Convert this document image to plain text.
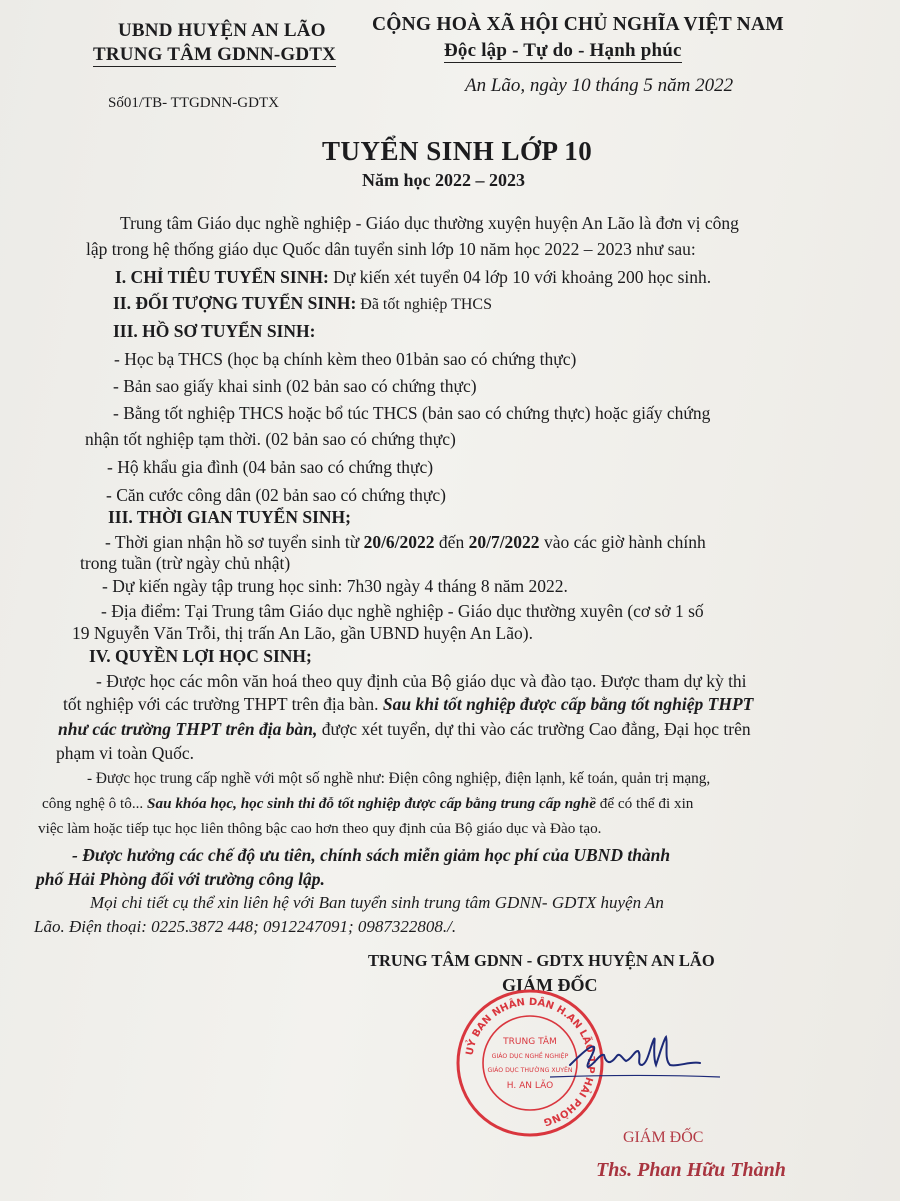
UBND HUYỆN AN LÃO
TRUNG TÂM GDNN-GDTX
Số01/TB- TTGDNN-GDTX
CỘNG HOÀ XÃ HỘI CHỦ NGHĨA VIỆT NAM
Độc lập - Tự do - Hạnh phúc
An Lão, ngày 10 tháng 5 năm 2022
TUYỂN SINH LỚP 10
Năm học 2022 – 2023
Trung tâm Giáo dục nghề nghiệp - Giáo dục thường xuyện huyện An Lão là đơn vị công
lập trong hệ thống giáo dục Quốc dân tuyển sinh lớp 10 năm học 2022 – 2023 như sau:
I. CHỈ TIÊU TUYỂN SINH: Dự kiến xét tuyển 04 lớp 10 với khoảng 200 học sinh.
II. ĐỐI TƯỢNG TUYỂN SINH: Đã tốt nghiệp THCS
III. HỒ SƠ TUYỂN SINH:
- Học bạ THCS (học bạ chính kèm theo 01bản sao có chứng thực)
- Bản sao giấy khai sinh (02 bản sao có chứng thực)
- Bằng tốt nghiệp THCS hoặc bổ túc THCS (bản sao có chứng thực) hoặc giấy chứng
nhận tốt nghiệp tạm thời. (02 bản sao có chứng thực)
- Hộ khẩu gia đình (04 bản sao có chứng thực)
- Căn cước công dân (02 bản sao có chứng thực)
III. THỜI GIAN TUYỂN SINH;
- Thời gian nhận hồ sơ tuyển sinh từ 20/6/2022 đến 20/7/2022 vào các giờ hành chính
trong tuần (trừ ngày chủ nhật)
- Dự kiến ngày tập trung học sinh: 7h30 ngày 4 tháng 8 năm 2022.
- Địa điểm: Tại Trung tâm Giáo dục nghề nghiệp - Giáo dục thường xuyên (cơ sở 1 số
19 Nguyễn Văn Trỗi, thị trấn An Lão, gần UBND huyện An Lão).
IV. QUYỀN LỢI HỌC SINH;
- Được học các môn văn hoá theo quy định của Bộ giáo dục và đào tạo. Được tham dự kỳ thi
tốt nghiệp với các trường THPT trên địa bàn. Sau khi tốt nghiệp được cấp bằng tốt nghiệp THPT
như các trường THPT trên địa bàn, được xét tuyển, dự thi vào các trường Cao đẳng, Đại học trên
phạm vi toàn Quốc.
- Được học trung cấp nghề với một số nghề như: Điện công nghiệp, điện lạnh, kế toán, quản trị mạng,
công nghệ ô tô... Sau khóa học, học sinh thi đỗ tốt nghiệp được cấp bằng trung cấp nghề để có thể đi xin
việc làm hoặc tiếp tục học liên thông bậc cao hơn theo quy định của Bộ giáo dục và Đào tạo.
- Được hưởng các chế độ ưu tiên, chính sách miễn giảm học phí của UBND thành
phố Hải Phòng đối với trường công lập.
Mọi chi tiết cụ thể xin liên hệ với Ban tuyển sinh trung tâm GDNN- GDTX huyện An
Lão. Điện thoại: 0225.3872 448; 0912247091; 0987322808./.
TRUNG TÂM GDNN - GDTX HUYỆN AN LÃO
GIÁM ĐỐC
UỶ BAN NHÂN DÂN H.AN LÃO T.P HẢI PHÒNG
TRUNG TÂM
GIÁO DỤC NGHỀ NGHIỆP
GIÁO DỤC THƯỜNG XUYÊN
H. AN LÃO
GIÁM ĐỐC
Ths. Phan Hữu Thành
